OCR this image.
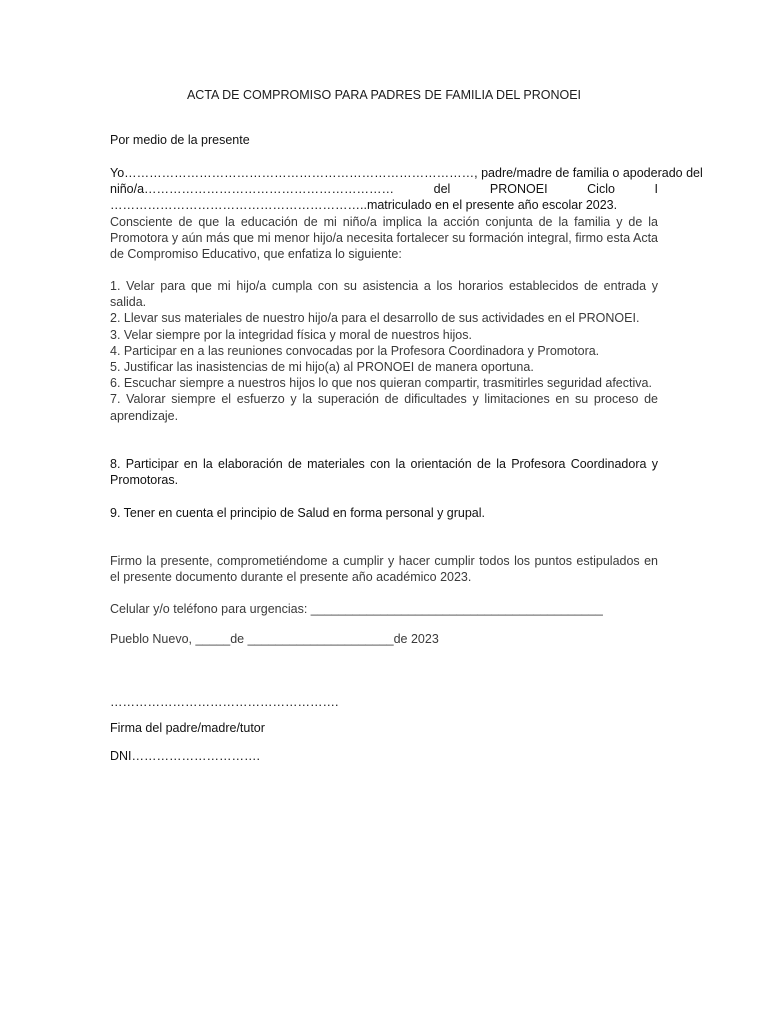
ACTA DE COMPROMISO PARA PADRES DE FAMILIA DEL PRONOEI
Por medio de la presente
Yo…………………………………………………………………………, padre/madre de familia o apoderado del
niño/a……………………………………………………	del	PRONOEI	Ciclo	I
……………………………………………………..matriculado en el presente año escolar 2023.
Consciente de que la educación de mi niño/a implica la acción conjunta de la familia y de la Promotora y aún más que mi menor hijo/a necesita fortalecer su formación integral, firmo esta Acta de Compromiso Educativo, que enfatiza lo siguiente:
1. Velar para que mi hijo/a cumpla con su asistencia a los horarios establecidos de entrada y salida.
2. Llevar sus materiales de nuestro hijo/a para el desarrollo de sus actividades en el PRONOEI.
3. Velar siempre por la integridad física y moral de nuestros hijos.
4. Participar en a las reuniones convocadas por la Profesora Coordinadora y Promotora.
5. Justificar las inasistencias de mi hijo(a) al PRONOEI de manera oportuna.
6. Escuchar siempre a nuestros hijos lo que nos quieran compartir, trasmitirles seguridad afectiva.
7. Valorar siempre el esfuerzo y la superación de dificultades y limitaciones en su proceso de aprendizaje.
8. Participar en la elaboración de materiales con la orientación de la Profesora Coordinadora y Promotoras.
9. Tener en cuenta el principio de Salud en forma personal y grupal.
Firmo la presente, comprometiéndome a cumplir y hacer cumplir todos los puntos estipulados en el presente documento durante el presente año académico 2023.
Celular y/o teléfono para urgencias: __________________________________________
Pueblo Nuevo, _____de _____________________de 2023
……………………………………………….
Firma del padre/madre/tutor
DNI………………………….
